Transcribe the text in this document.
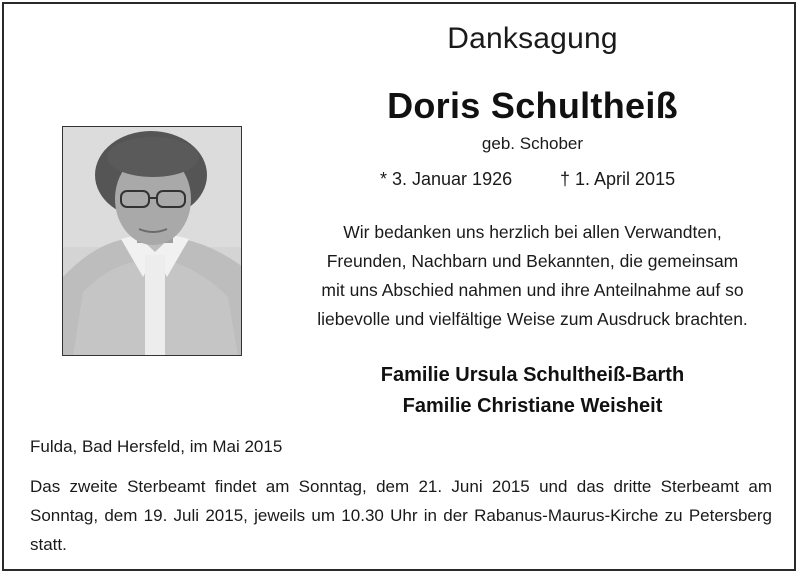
Danksagung
Doris Schultheiß
geb. Schober
* 3. Januar 1926	† 1. April 2015
Wir bedanken uns herzlich bei allen Verwandten,
Freunden, Nachbarn und Bekannten, die gemeinsam
mit uns Abschied nahmen und ihre Anteilnahme auf so
liebevolle und vielfältige Weise zum Ausdruck brachten.
Familie Ursula Schultheiß-Barth
Familie Christiane Weisheit
Fulda, Bad Hersfeld, im Mai 2015
Das zweite Sterbeamt findet am Sonntag, dem 21. Juni 2015 und das dritte Sterbeamt am Sonntag, dem 19. Juli 2015, jeweils um 10.30 Uhr in der Rabanus-Maurus-Kirche zu Petersberg statt.
